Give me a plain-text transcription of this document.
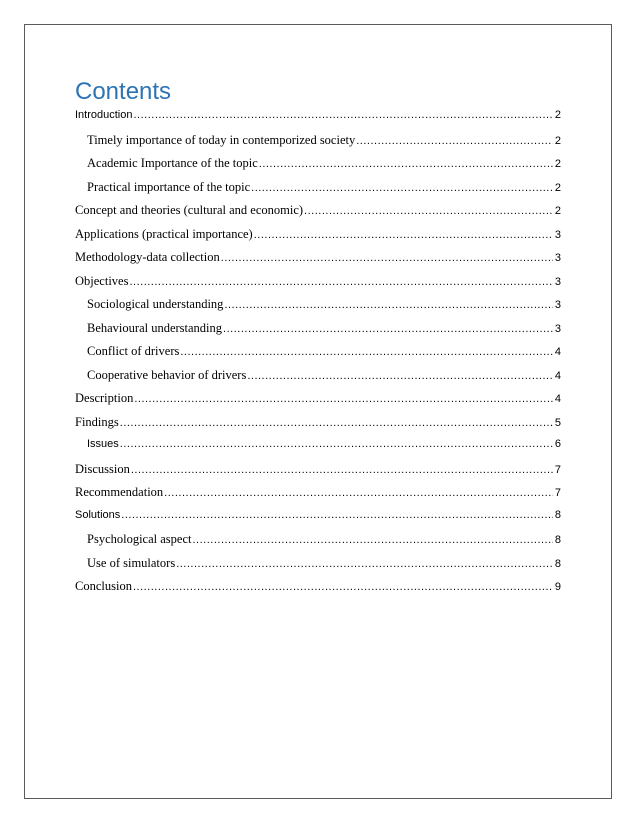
Contents
Introduction .....	2
Timely importance of today in contemporized society .....	2
Academic Importance of the topic .....	2
Practical importance of the topic .....	2
Concept and theories (cultural and economic) .....	2
Applications (practical importance) .....	3
Methodology-data collection .....	3
Objectives .....	3
Sociological understanding .....	3
Behavioural understanding .....	3
Conflict of drivers .....	4
Cooperative behavior of drivers .....	4
Description .....	4
Findings .....	5
Issues .....	6
Discussion .....	7
Recommendation .....	7
Solutions .....	8
Psychological aspect .....	8
Use of simulators .....	8
Conclusion .....	9
